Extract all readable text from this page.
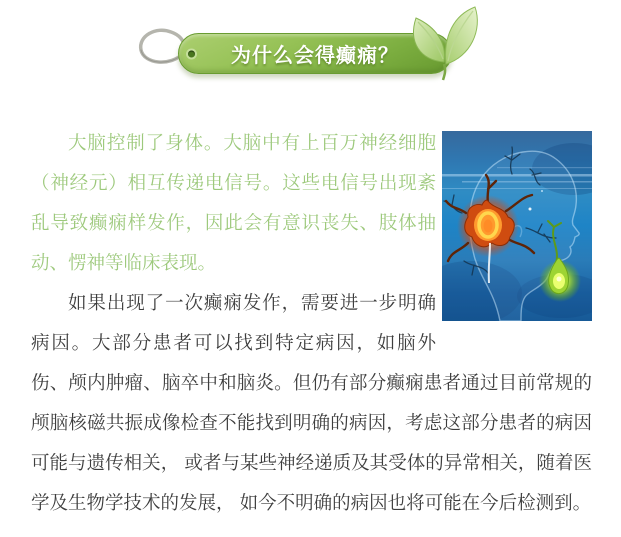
为什么会得癫痫？

大脑控制了身体。大脑中有上百万神经细胞（神经元）相互传递电信号。这些电信号出现紊乱导致癫痫样发作，因此会有意识丧失、肢体抽动、愣神等临床表现。

如果出现了一次癫痫发作，需要进一步明确病因。大部分患者可以找到特定病因，如脑外伤、颅内肿瘤、脑卒中和脑炎。但仍有部分癫痫患者通过目前常规的颅脑核磁共振成像检查不能找到明确的病因，考虑这部分患者的病因可能与遗传相关， 或者与某些神经递质及其受体的异常相关，随着医学及生物学技术的发展， 如今不明确的病因也将可能在今后检测到。
